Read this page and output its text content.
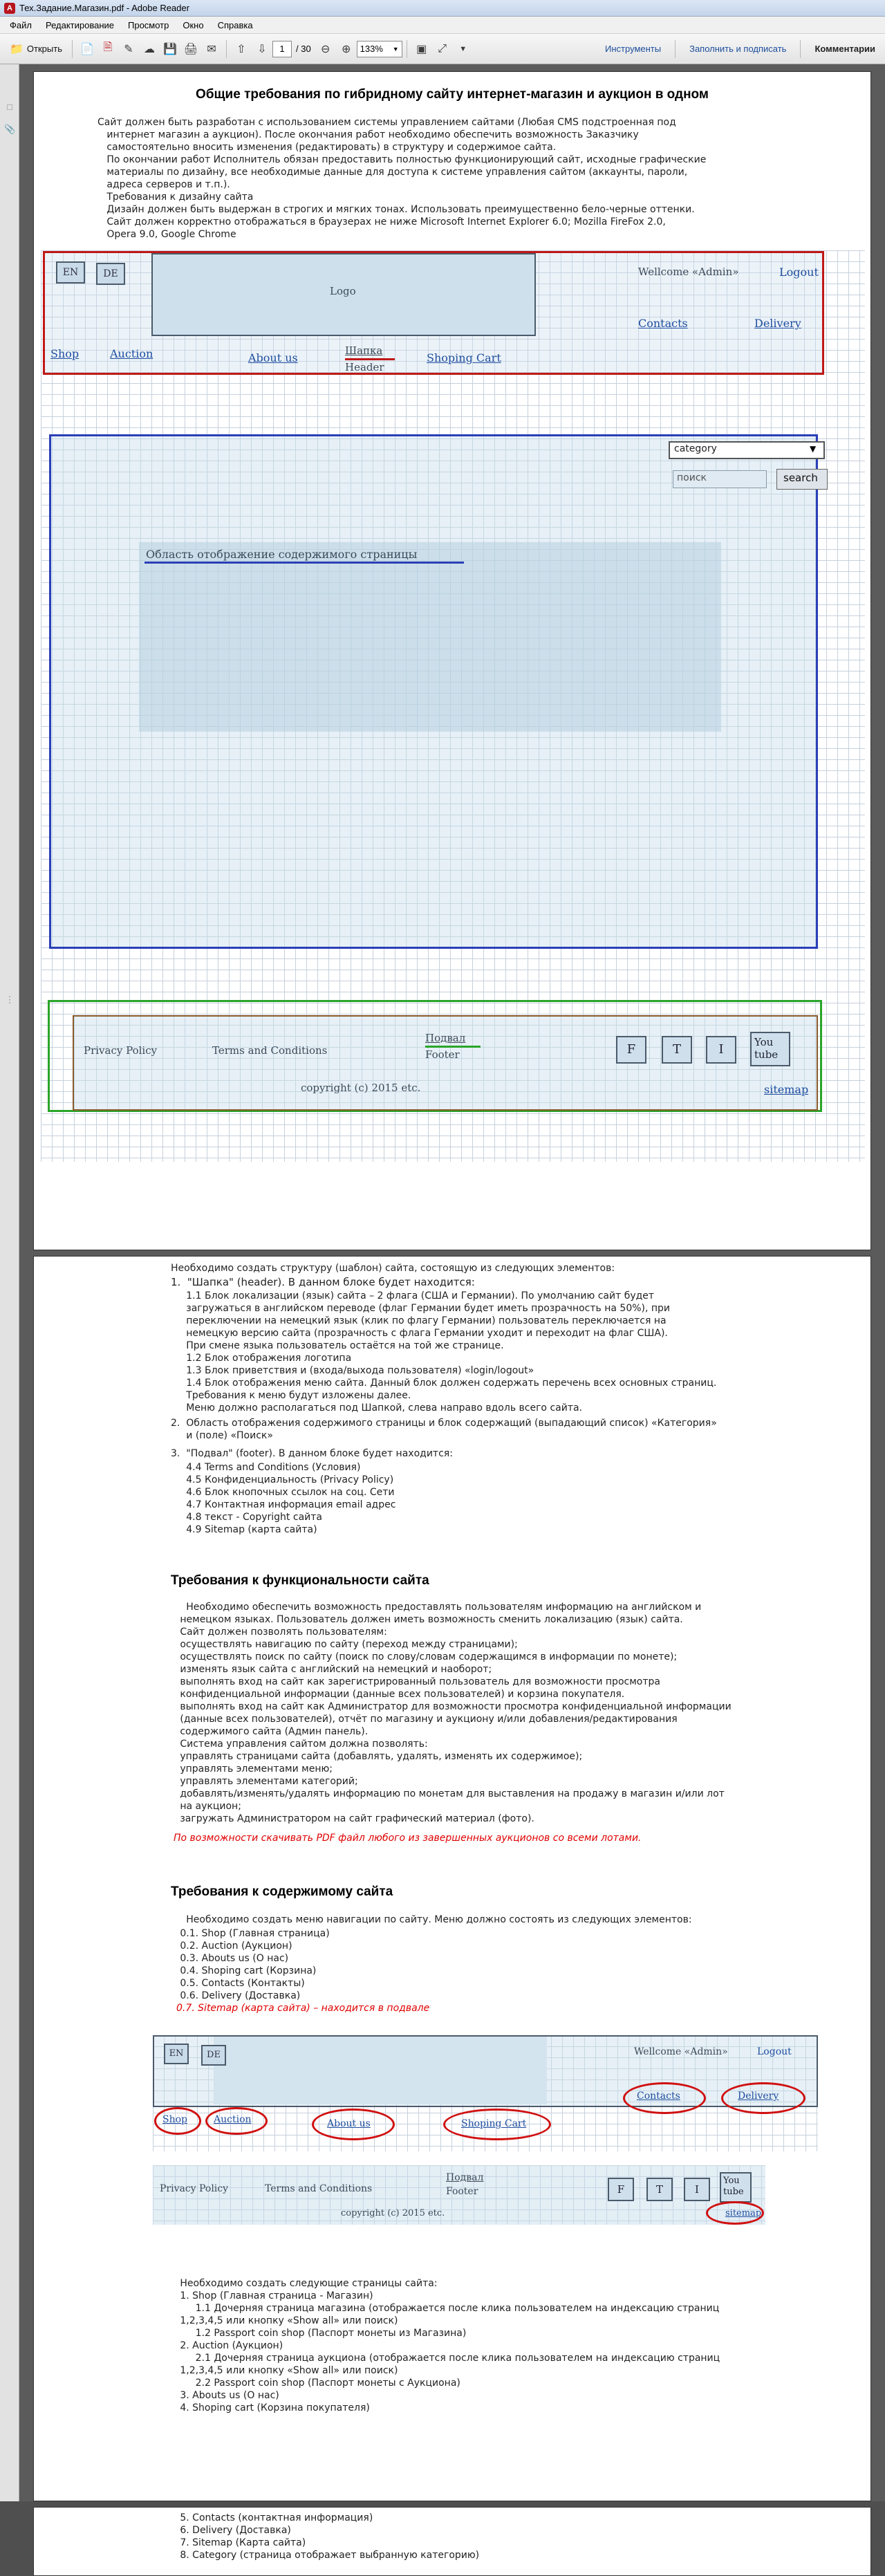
A Тех.Задание.Магазин.pdf - Adobe Reader
Файл	Редактирование	Просмотр	Окно	Справка
📁 Открыть 📄 🗎	✎ ☁ 💾 🖨 ✉	⇧	⇩	1	/ 30 ⊖	⊕	133% ▼ ▣	⤢	▼	Инструменты	Заполнить и подписать	Комментарии
□
📎
⋮
Общие требования по гибридному сайту интернет-магазин и аукцион в одном
Сайт должен быть разработан с использованием системы управлением сайтами (Любая CMS подстроенная под
интернет магазин а аукцион). После окончания работ необходимо обеспечить возможность Заказчику
самостоятельно вносить изменения (редактировать) в структуру и содержимое сайта.
По окончании работ Исполнитель обязан предоставить полностью функционирующий сайт, исходные графические
материалы по дизайну, все необходимые данные для доступа к системе управления сайтом (аккаунты, пароли,
адреса серверов и т.п.).
Требования к дизайну сайта
Дизайн должен быть выдержан в строгих и мягких тонах. Использовать преимущественно бело-черные оттенки.
Сайт должен корректно отображаться в браузерах не ниже Microsoft Internet Explorer 6.0; Mozilla FireFox 2.0,
Opera 9.0, Google Chrome
Logo
EN	DE	Wellcome «Admin»	Logout
Contacts	Delivery
Shop	Auction	About us
Шапка
Header
Shoping Cart
category	▼
поиск	search
Область отображение содержимого страницы
Privacy Policy	Terms and Conditions
Подвал
Footer	F	T	I	You
tube
copyright (c) 2015 etc.	sitemap
Необходимо создать структуру (шаблон) сайта, состоящую из следующих элементов:
1.  "Шапка" (header). В данном блоке будет находится:
1.1 Блок локализации (язык) сайта – 2 флага (США и Германии). По умолчанию сайт будет
загружаться в английском переводе (флаг Германии будет иметь прозрачность на 50%), при
переключении на немецкий язык (клик по флагу Германии) пользователь переключается на
немецкую версию сайта (прозрачность с флага Германии уходит и переходит на флаг США).
При смене языка пользователь остаётся на той же странице.
1.2 Блок отображения логотипа
1.3 Блок приветствия и (входа/выхода пользователя) «login/logout»
1.4 Блок отображения меню сайта. Данный блок должен содержать перечень всех основных страниц.
Требования к меню будут изложены далее.
Меню должно располагаться под Шапкой, слева направо вдоль всего сайта.
2.  Область отображения содержимого страницы и блок содержащий (выпадающий список) «Категория»
и (поле) «Поиск»
3.  "Подвал" (footer). В данном блоке будет находится:
4.4 Terms and Conditions (Условия)
4.5 Конфиденциальность (Privacy Policy)
4.6 Блок кнопочных ссылок на соц. Сети
4.7 Контактная информация email адрес
4.8 текст - Copyright сайта
4.9 Sitemap (карта сайта)
Требования к функциональности сайта
Необходимо обеспечить возможность предоставлять пользователям информацию на английском и
немецком языках. Пользователь должен иметь возможность сменить локализацию (язык) сайта.
Сайт должен позволять пользователям:
осуществлять навигацию по сайту (переход между страницами);
осуществлять поиск по сайту (поиск по слову/словам содержащимся в информации по монете);
изменять язык сайта с английский на немецкий и наоборот;
выполнять вход на сайт как зарегистрированный пользователь для возможности просмотра
конфиденциальной информации (данные всех пользователей) и корзина покупателя.
выполнять вход на сайт как Администратор для возможности просмотра конфиденциальной информации
(данные всех пользователей), отчёт по магазину и аукциону и/или добавления/редактирования
содержимого сайта (Админ панель).
Система управления сайтом должна позволять:
управлять страницами сайта (добавлять, удалять, изменять их содержимое);
управлять элементами меню;
управлять элементами категорий;
добавлять/изменять/удалять информацию по монетам для выставления на продажу в магазин и/или лот
на аукцион;
загружать Администратором на сайт графический материал (фото).
По возможности скачивать PDF файл любого из завершенных аукционов со всеми лотами.
Требования к содержимому сайта
Необходимо создать меню навигации по сайту. Меню должно состоять из следующих элементов:
0.1. Shop (Главная страница)
0.2. Auction (Аукцион)
0.3. Abouts us (О нас)
0.4. Shoping cart (Корзина)
0.5. Contacts (Контакты)
0.6. Delivery (Доставка)
0.7. Sitemap (карта сайта) – находится в подвале
EN	DE	Wellcome «Admin»	Logout
Contacts	Delivery
Shop	Auction	About us	Shoping Cart
Privacy Policy	Terms and Conditions
Подвал
Footer	F	T	I
You
tube
copyright (c) 2015 etc.	sitemap
Необходимо создать следующие страницы сайта:
1. Shop (Главная страница - Магазин)
1.1 Дочерняя страница магазина (отображается после клика пользователем на индексацию страниц
1,2,3,4,5 или кнопку «Show all» или поиск)
1.2 Passport coin shop (Паспорт монеты из Магазина)
2. Auction (Аукцион)
2.1 Дочерняя страница аукциона (отображается после клика пользователем на индексацию страниц
1,2,3,4,5 или кнопку «Show all» или поиск)
2.2 Passport coin shop (Паспорт монеты с Аукциона)
3. Abouts us (О нас)
4. Shoping cart (Корзина покупателя)
5. Contacts (контактная информация)
6. Delivery (Доставка)
7. Sitemap (Карта сайта)
8. Category (страница отображает выбранную категорию)
